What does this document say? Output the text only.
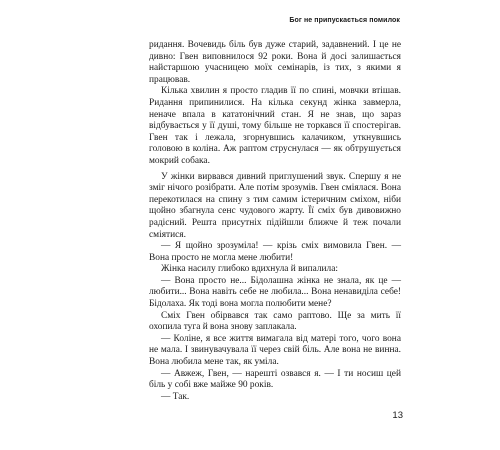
Бог не припускається помилок

ридання. Вочевидь біль був дуже старий, задавнений. І це не дивно: Гвен виповнилося 92 роки. Вона й досі залишається найстаршою учасницею моїх семінарів, із тих, з якими я працював.

Кілька хвилин я просто гладив її по спині, мовчки втішав. Ридання припинилися. На кілька секунд жінка завмерла, неначе впала в кататонічний стан. Я не знав, що зараз відбувається у її душі, тому більше не торкався її спостерігав. Гвен так і лежала, згорнувшись калачиком, уткнувшись головою в коліна. Аж раптом струснулася — як обтрушується мокрий собака.

У жінки вирвався дивний приглушений звук. Спершу я не зміг нічого розібрати. Але потім зрозумів. Гвен сміялася. Вона перекотилася на спину з тим самим істеричним сміхом, ніби щойно збагнула сенс чудового жарту. Її сміх був дивовижно радісний. Решта присутніх підійшли ближче й теж почали сміятися.

— Я щойно зрозуміла! — крізь сміх вимовила Гвен. — Вона просто не могла мене любити!

Жінка насилу глибоко вдихнула й випалила:

— Вона просто не... Бідолашна жінка не знала, як це — любити... Вона навіть себе не любила... Вона ненавиділа себе! Бідолаха. Як тоді вона могла полюбити мене?

Сміх Гвен обірвався так само раптово. Ще за мить її охопила туга й вона знову заплакала.

— Коліне, я все життя вимагала від матері того, чого вона не мала. І звинувачувала її через свій біль. Але вона не винна. Вона любила мене так, як уміла.

— Авжеж, Гвен, — нарешті озвався я. — І ти носиш цей біль у собі вже майже 90 років.

— Так.

13
